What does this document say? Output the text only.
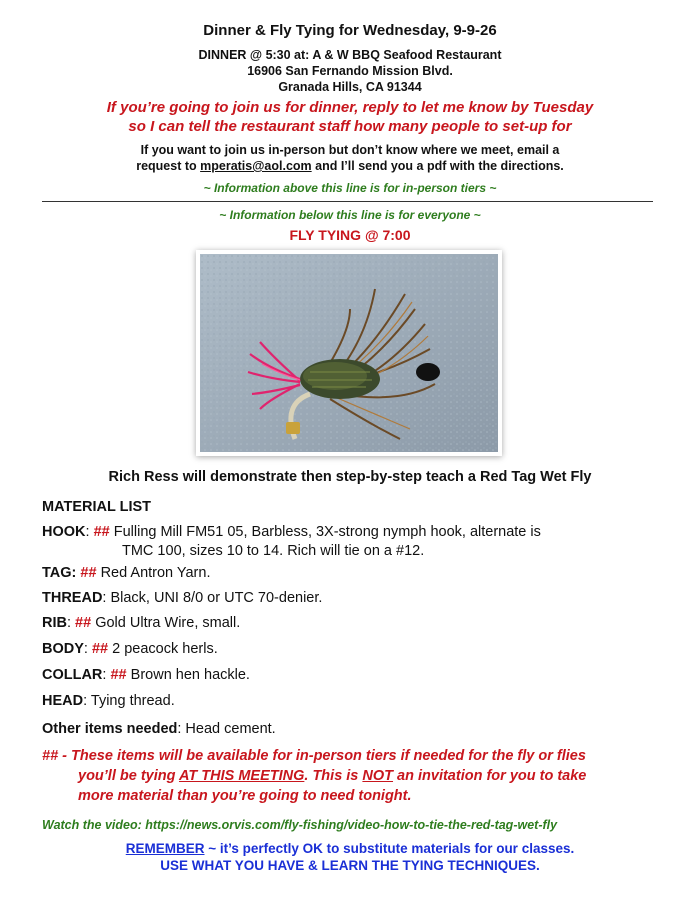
Dinner & Fly Tying for Wednesday, 9-9-26
DINNER @ 5:30 at: A & W BBQ Seafood Restaurant
16906 San Fernando Mission Blvd.
Granada Hills, CA 91344
If you’re going to join us for dinner, reply to let me know by Tuesday
so I can tell the restaurant staff how many people to set-up for
If you want to join us in-person but don’t know where we meet, email a
request to mperatis@aol.com and I’ll send you a pdf with the directions.
~ Information above this line is for in-person tiers ~
~ Information below this line is for everyone ~
FLY TYING @ 7:00
Rich Ress will demonstrate then step-by-step teach a Red Tag Wet Fly
MATERIAL LIST
HOOK: ## Fulling Mill FM51 05, Barbless, 3X-strong nymph hook, alternate is
TMC 100, sizes 10 to 14. Rich will tie on a #12.
TAG: ## Red Antron Yarn.
THREAD: Black, UNI 8/0 or UTC 70-denier.
RIB: ## Gold Ultra Wire, small.
BODY: ## 2 peacock herls.
COLLAR: ## Brown hen hackle.
HEAD: Tying thread.
Other items needed: Head cement.
## - These items will be available for in-person tiers if needed for the fly or flies
you’ll be tying AT THIS MEETING. This is NOT an invitation for you to take
more material than you’re going to need tonight.
Watch the video: https://news.orvis.com/fly-fishing/video-how-to-tie-the-red-tag-wet-fly
REMEMBER ~ it’s perfectly OK to substitute materials for our classes.
USE WHAT YOU HAVE & LEARN THE TYING TECHNIQUES.
